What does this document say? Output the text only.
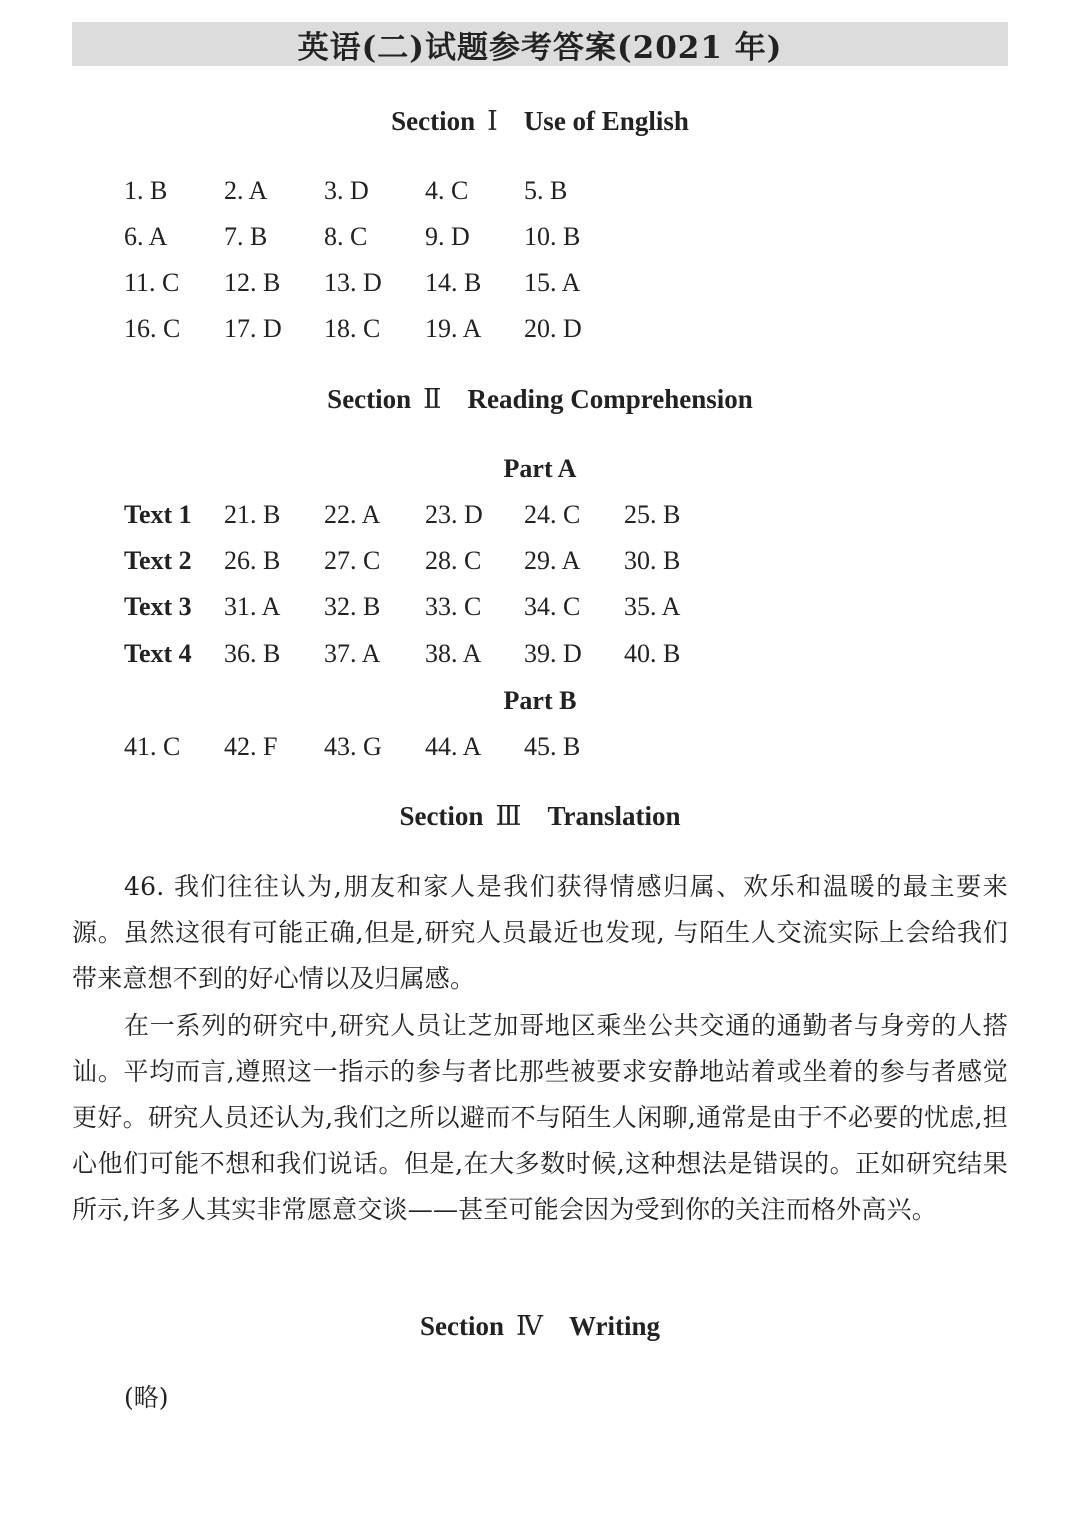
英语(二)试题参考答案(2021 年)
Section Ⅰ Use of English
1. B 2. A 3. D 4. C 5. B
6. A 7. B 8. C 9. D 10. B
11. C 12. B 13. D 14. B 15. A
16. C 17. D 18. C 19. A 20. D
Section Ⅱ Reading Comprehension
Part A
Text 1 21. B 22. A 23. D 24. C 25. B
Text 2 26. B 27. C 28. C 29. A 30. B
Text 3 31. A 32. B 33. C 34. C 35. A
Text 4 36. B 37. A 38. A 39. D 40. B
Part B
41. C 42. F 43. G 44. A 45. B
Section Ⅲ Translation

46. 我们往往认为,朋友和家人是我们获得情感归属、欢乐和温暖的最主要来源。虽然这很有可能正确,但是,研究人员最近也发现, 与陌生人交流实际上会给我们带来意想不到的好心情以及归属感。

在一系列的研究中,研究人员让芝加哥地区乘坐公共交通的通勤者与身旁的人搭讪。平均而言,遵照这一指示的参与者比那些被要求安静地站着或坐着的参与者感觉更好。研究人员还认为,我们之所以避而不与陌生人闲聊,通常是由于不必要的忧虑,担心他们可能不想和我们说话。但是,在大多数时候,这种想法是错误的。正如研究结果所示,许多人其实非常愿意交谈——甚至可能会因为受到你的关注而格外高兴。

Section Ⅳ Writing
(略)
